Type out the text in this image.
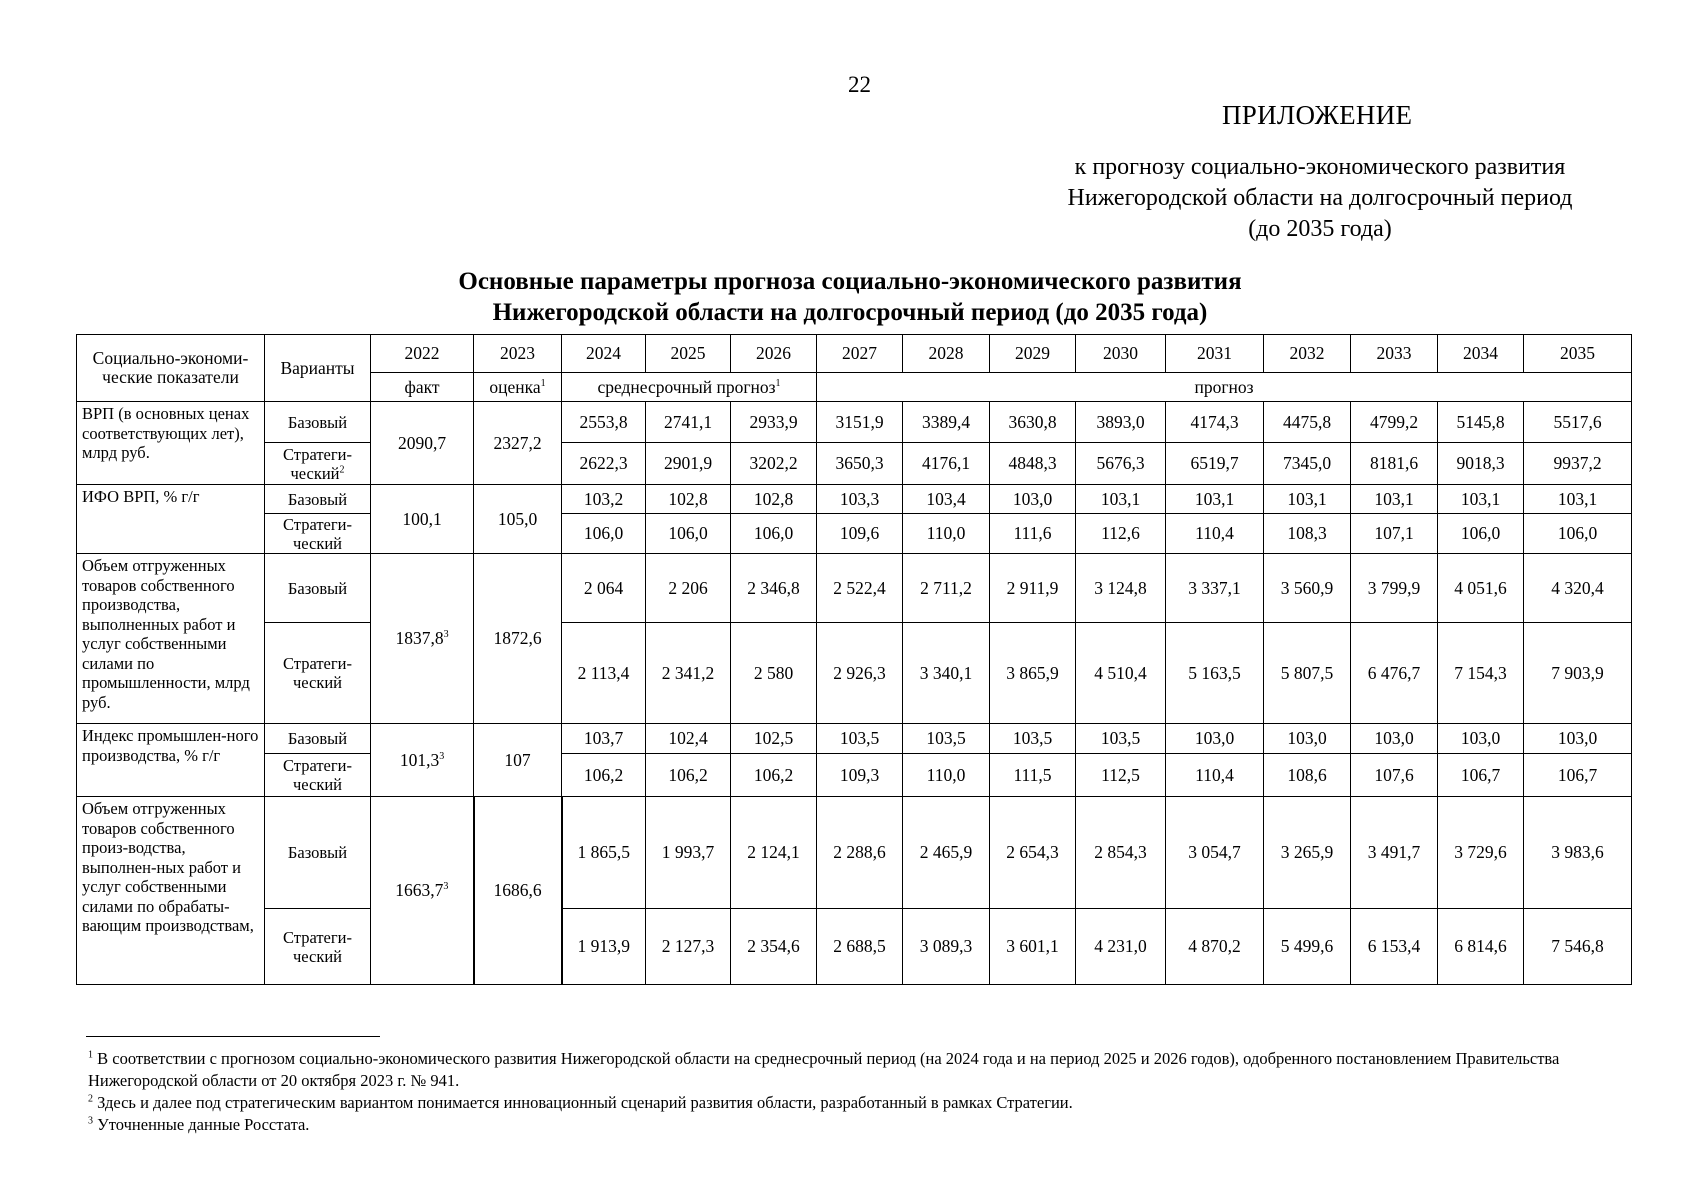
22
ПРИЛОЖЕНИЕ
к прогнозу социально-экономического развития
Нижегородской области на долгосрочный период
(до 2035 года)
Основные параметры прогноза социально-экономического развития
Нижегородской области на долгосрочный период (до 2035 года)
Социально-экономи-ческие показатели	Варианты	2022	2023	2024	2025	2026	2027	2028	2029	2030	2031	2032	2033	2034	2035
		факт	оценка$^1$	среднесрочный прогноз$^1$			прогноз								
ВРП (в основных ценах соответствующих лет), млрд руб.	Базовый	2090,7	2327,2	2553,8	2741,1	2933,9	3151,9	3389,4	3630,8	3893,0	4174,3	4475,8	4799,2	5145,8	5517,6
	Стратеги-ческий$^2$			2622,3	2901,9	3202,2	3650,3	4176,1	4848,3	5676,3	6519,7	7345,0	8181,6	9018,3	9937,2
ИФО ВРП, % г/г	Базовый	100,1	105,0	103,2	102,8	102,8	103,3	103,4	103,0	103,1	103,1	103,1	103,1	103,1	103,1
	Стратеги-ческий			106,0	106,0	106,0	109,6	110,0	111,6	112,6	110,4	108,3	107,1	106,0	106,0
Объем отгруженных товаров собственного производства, выполненных работ и услуг собственными силами по промышленности, млрд руб.	Базовый	1837,8$^3$	1872,6	2 064	2 206	2 346,8	2 522,4	2 711,2	2 911,9	3 124,8	3 337,1	3 560,9	3 799,9	4 051,6	4 320,4
	Стратеги-ческий			2 113,4	2 341,2	2 580	2 926,3	3 340,1	3 865,9	4 510,4	5 163,5	5 807,5	6 476,7	7 154,3	7 903,9
Индекс промышлен-ного производства, % г/г	Базовый	101,3$^3$	107	103,7	102,4	102,5	103,5	103,5	103,5	103,5	103,0	103,0	103,0	103,0	103,0
	Стратеги-ческий			106,2	106,2	106,2	109,3	110,0	111,5	112,5	110,4	108,6	107,6	106,7	106,7
Объем отгруженных товаров собственного произ-водства, выполнен-ных работ и услуг собственными силами по обрабаты-вающим производствам,	Базовый	1663,7$^3$	1686,6	1 865,5	1 993,7	2 124,1	2 288,6	2 465,9	2 654,3	2 854,3	3 054,7	3 265,9	3 491,7	3 729,6	3 983,6
	Стратеги-ческий			1 913,9	2 127,3	2 354,6	2 688,5	3 089,3	3 601,1	4 231,0	4 870,2	5 499,6	6 153,4	6 814,6	7 546,8

$^1$ В соответствии с прогнозом социально-экономического развития Нижегородской области на среднесрочный период (на 2024 года и на период 2025 и 2026 годов), одобренного постановлением Правительства Нижегородской области от 20 октября 2023 г. № 941.

$^2$ Здесь и далее под стратегическим вариантом понимается инновационный сценарий развития области, разработанный в рамках Стратегии.

$^3$ Уточненные данные Росстата.
